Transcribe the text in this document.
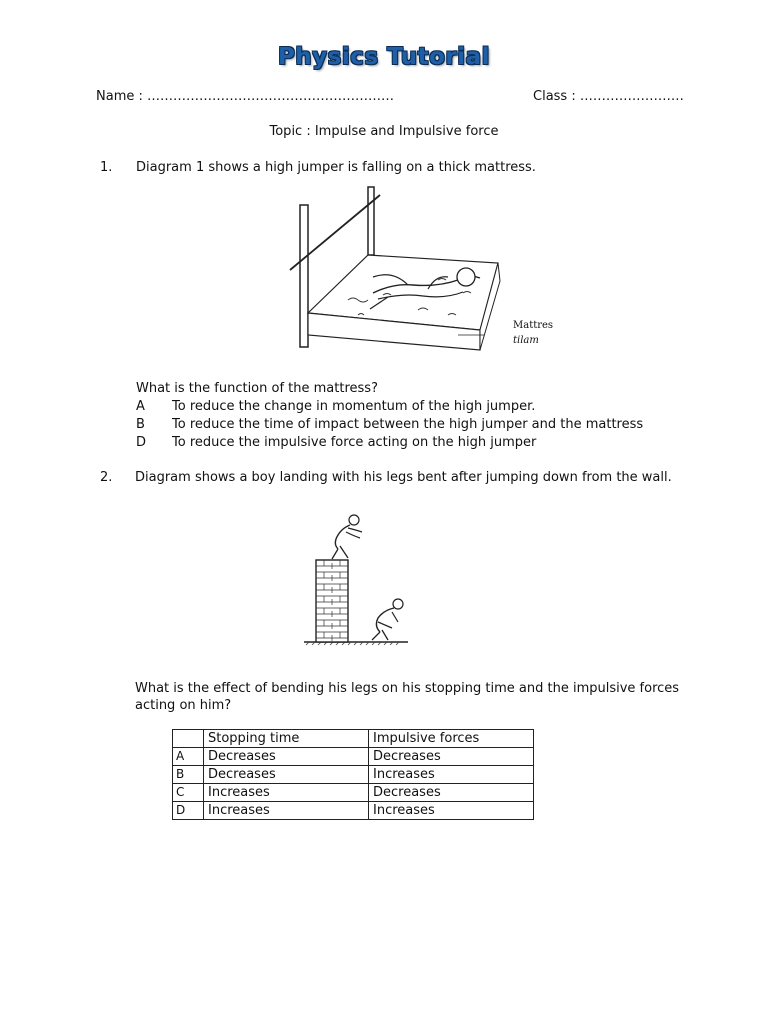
Physics Tutorial
Name : …………………………………………………	Class : ……………………
Topic : Impulse and Impulsive force
1. Diagram 1 shows a high jumper is falling on a thick mattress.
Mattres
tilam
What is the function of the mattress?
A To reduce the change in momentum of the high jumper.
B To reduce the time of impact between the high jumper and the mattress
D To reduce the impulsive force acting on the high jumper
2. Diagram shows a boy landing with his legs bent after jumping down from the wall.
What is the effect of bending his legs on his stopping time and the impulsive forces
acting on him?
	Stopping time	Impulsive forces
A	Decreases	Decreases
B	Decreases	Increases
C	Increases	Decreases
D	Increases	Increases
